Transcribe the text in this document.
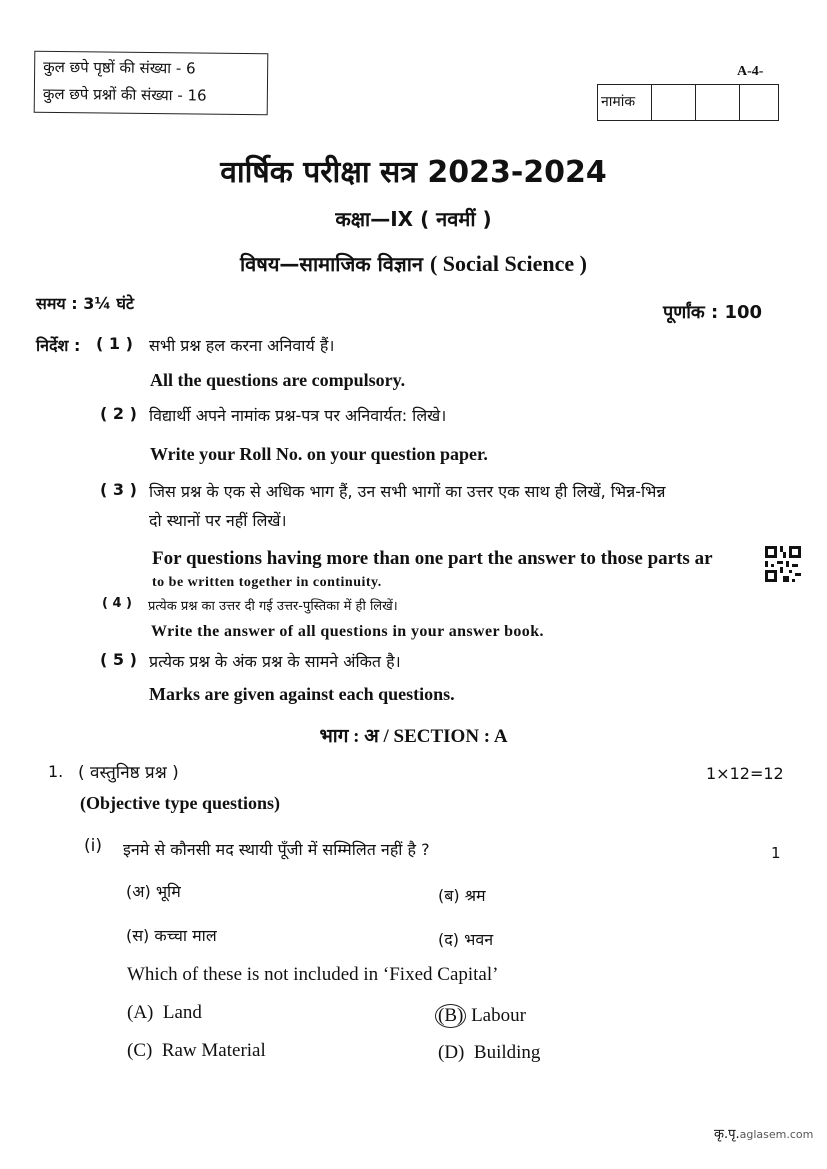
कुल छपे पृष्ठों की संख्या - 6
कुल छपे प्रश्नों की संख्या - 16
A-4-
नामांक
वार्षिक परीक्षा सत्र 2023-2024
कक्षा—IX ( नवमीं )
विषय—सामाजिक विज्ञान ( Social Science )
समय : 3¼ घंटे	पूर्णांक : 100
निर्देश : ( 1 ) सभी प्रश्न हल करना अनिवार्य हैं।
All the questions are compulsory.
( 2 ) विद्यार्थी अपने नामांक प्रश्न-पत्र पर अनिवार्यत: लिखे।
Write your Roll No. on your question paper.
( 3 ) जिस प्रश्न के एक से अधिक भाग हैं, उन सभी भागों का उत्तर एक साथ ही लिखें, भिन्न-भिन्न
दो स्थानों पर नहीं लिखें।
For questions having more than one part the answer to those parts ar
to be written together in continuity.
( 4 ) प्रत्येक प्रश्न का उत्तर दी गई उत्तर-पुस्तिका में ही लिखें।
Write the answer of all questions in your answer book.
( 5 ) प्रत्येक प्रश्न के अंक प्रश्न के सामने अंकित है।
Marks are given against each questions.
भाग : अ / SECTION : A
1. ( वस्तुनिष्ठ प्रश्न )	1×12=12
(Objective type questions)
(i) इनमे से कौनसी मद स्थायी पूँजी में सम्मिलित नहीं है ?	1
(अ) भूमि	(ब) श्रम
(स) कच्चा माल	(द) भवन
Which of these is not included in ‘Fixed Capital’
(A) Land	(B) Labour
(C) Raw Material	(D) Building
कृ.पृ.aglasem.com
